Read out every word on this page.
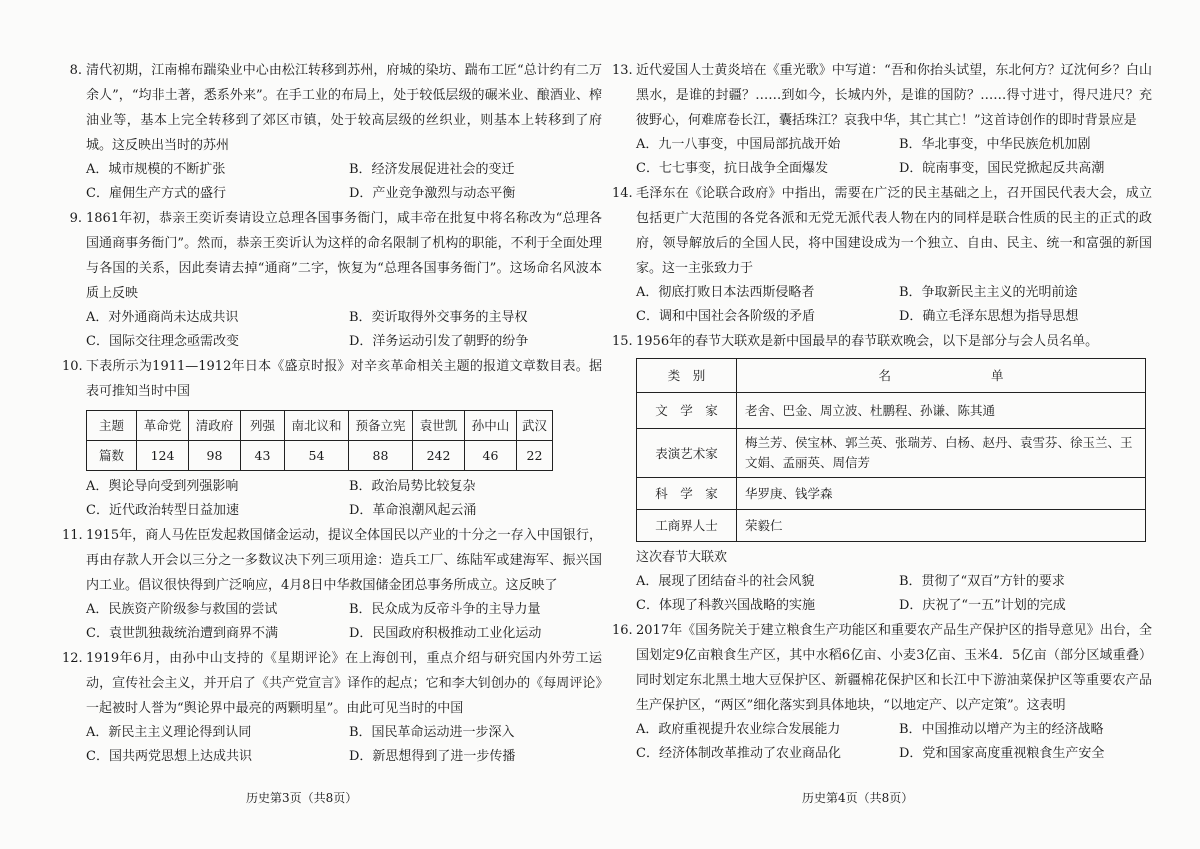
8. 清代初期，江南棉布踹染业中心由松江转移到苏州，府城的染坊、踹布工匠“总计约有二万余人”，“均非土著，悉系外来”。在手工业的布局上，处于较低层级的碾米业、酿酒业、榨油业等，基本上完全转移到了郊区市镇，处于较高层级的丝织业，则基本上转移到了府城。这反映出当时的苏州
A．城市规模的不断扩张	B．经济发展促进社会的变迁
C．雇佣生产方式的盛行	D．产业竞争激烈与动态平衡
9. 1861年初，恭亲王奕䜣奏请设立总理各国事务衙门，咸丰帝在批复中将名称改为“总理各国通商事务衙门”。然而，恭亲王奕䜣认为这样的命名限制了机构的职能，不利于全面处理与各国的关系，因此奏请去掉“通商”二字，恢复为“总理各国事务衙门”。这场命名风波本质上反映
A．对外通商尚未达成共识	B．奕䜣取得外交事务的主导权
C．国际交往理念亟需改变	D．洋务运动引发了朝野的纷争
10. 下表所示为1911—1912年日本《盛京时报》对辛亥革命相关主题的报道文章数目表。据表可推知当时中国
主题	革命党	清政府	列强	南北议和	预备立宪	袁世凯	孙中山	武汉
篇数	124	98	43	54	88	242	46	22
A．舆论导向受到列强影响	B．政治局势比较复杂
C．近代政治转型日益加速	D．革命浪潮风起云涌
11. 1915年，商人马佐臣发起救国储金运动，提议全体国民以产业的十分之一存入中国银行，再由存款人开会以三分之一多数议决下列三项用途：造兵工厂、练陆军或建海军、振兴国内工业。倡议很快得到广泛响应，4月8日中华救国储金团总事务所成立。这反映了
A．民族资产阶级参与救国的尝试	B．民众成为反帝斗争的主导力量
C．袁世凯独裁统治遭到商界不满	D．民国政府积极推动工业化运动
12. 1919年6月，由孙中山支持的《星期评论》在上海创刊，重点介绍与研究国内外劳工运动，宣传社会主义，并开启了《共产党宣言》译作的起点；它和李大钊创办的《每周评论》一起被时人誉为“舆论界中最亮的两颗明星”。由此可见当时的中国
A．新民主主义理论得到认同	B．国民革命运动进一步深入
C．国共两党思想上达成共识	D．新思想得到了进一步传播
13. 近代爱国人士黄炎培在《重光歌》中写道：“吾和你抬头试望，东北何方？辽沈何乡？白山黑水，是谁的封疆？……到如今，长城内外，是谁的国防？……得寸进寸，得尺进尺？充彼野心，何难席卷长江，囊括珠江？哀我中华，其亡其亡！”这首诗创作的即时背景应是
A．九一八事变，中国局部抗战开始	B．华北事变，中华民族危机加剧
C．七七事变，抗日战争全面爆发	D．皖南事变，国民党掀起反共高潮
14. 毛泽东在《论联合政府》中指出，需要在广泛的民主基础之上，召开国民代表大会，成立包括更广大范围的各党各派和无党无派代表人物在内的同样是联合性质的民主的正式的政府，领导解放后的全国人民，将中国建设成为一个独立、自由、民主、统一和富强的新国家。这一主张致力于
A．彻底打败日本法西斯侵略者	B．争取新民主主义的光明前途
C．调和中国社会各阶级的矛盾	D．确立毛泽东思想为指导思想
15. 1956年的春节大联欢是新中国最早的春节联欢晚会，以下是部分与会人员名单。
类　别	名　　　　　　　　单
文　学　家	老舍、巴金、周立波、杜鹏程、孙谦、陈其通
表演艺术家	梅兰芳、侯宝林、郭兰英、张瑞芳、白杨、赵丹、袁雪芬、徐玉兰、王文娟、孟丽英、周信芳
科　学　家	华罗庚、钱学森
工商界人士	荣毅仁
这次春节大联欢
A．展现了团结奋斗的社会风貌	B．贯彻了“双百”方针的要求
C．体现了科教兴国战略的实施	D．庆祝了“一五”计划的完成
16. 2017年《国务院关于建立粮食生产功能区和重要农产品生产保护区的指导意见》出台，全国划定9亿亩粮食生产区，其中水稻6亿亩、小麦3亿亩、玉米4．5亿亩（部分区域重叠）同时划定东北黑土地大豆保护区、新疆棉花保护区和长江中下游油菜保护区等重要农产品生产保护区，“两区”细化落实到具体地块，“以地定产、以产定策”。这表明
A．政府重视提升农业综合发展能力	B．中国推动以增产为主的经济战略
C．经济体制改革推动了农业商品化	D．党和国家高度重视粮食生产安全
历史第3页（共8页）	历史第4页（共8页）
